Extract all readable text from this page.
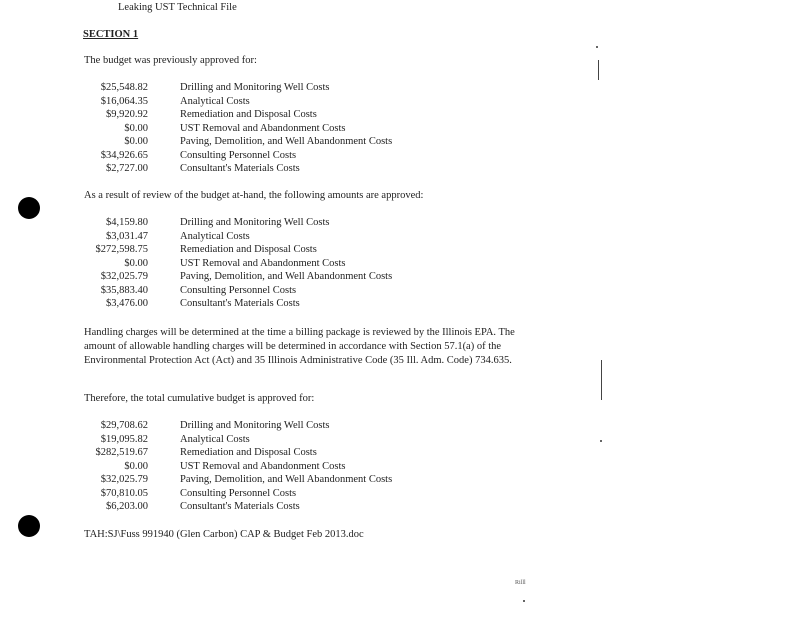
Leaking UST Technical File
SECTION 1
The budget was previously approved for:
$25,548.82	Drilling and Monitoring Well Costs
$16,064.35	Analytical Costs
$9,920.92	Remediation and Disposal Costs
$0.00	UST Removal and Abandonment Costs
$0.00	Paving, Demolition, and Well Abandonment Costs
$34,926.65	Consulting Personnel Costs
$2,727.00	Consultant's Materials Costs
As a result of review of the budget at-hand, the following amounts are approved:
$4,159.80	Drilling and Monitoring Well Costs
$3,031.47	Analytical Costs
$272,598.75	Remediation and Disposal Costs
$0.00	UST Removal and Abandonment Costs
$32,025.79	Paving, Demolition, and Well Abandonment Costs
$35,883.40	Consulting Personnel Costs
$3,476.00	Consultant's Materials Costs
Handling charges will be determined at the time a billing package is reviewed by the Illinois EPA. The amount of allowable handling charges will be determined in accordance with Section 57.1(a) of the Environmental Protection Act (Act) and 35 Illinois Administrative Code (35 Ill. Adm. Code) 734.635.
Therefore, the total cumulative budget is approved for:
$29,708.62	Drilling and Monitoring Well Costs
$19,095.82	Analytical Costs
$282,519.67	Remediation and Disposal Costs
$0.00	UST Removal and Abandonment Costs
$32,025.79	Paving, Demolition, and Well Abandonment Costs
$70,810.05	Consulting Personnel Costs
$6,203.00	Consultant's Materials Costs
TAH:SJ\Fuss 991940 (Glen Carbon) CAP & Budget Feb 2013.doc
Rilll
